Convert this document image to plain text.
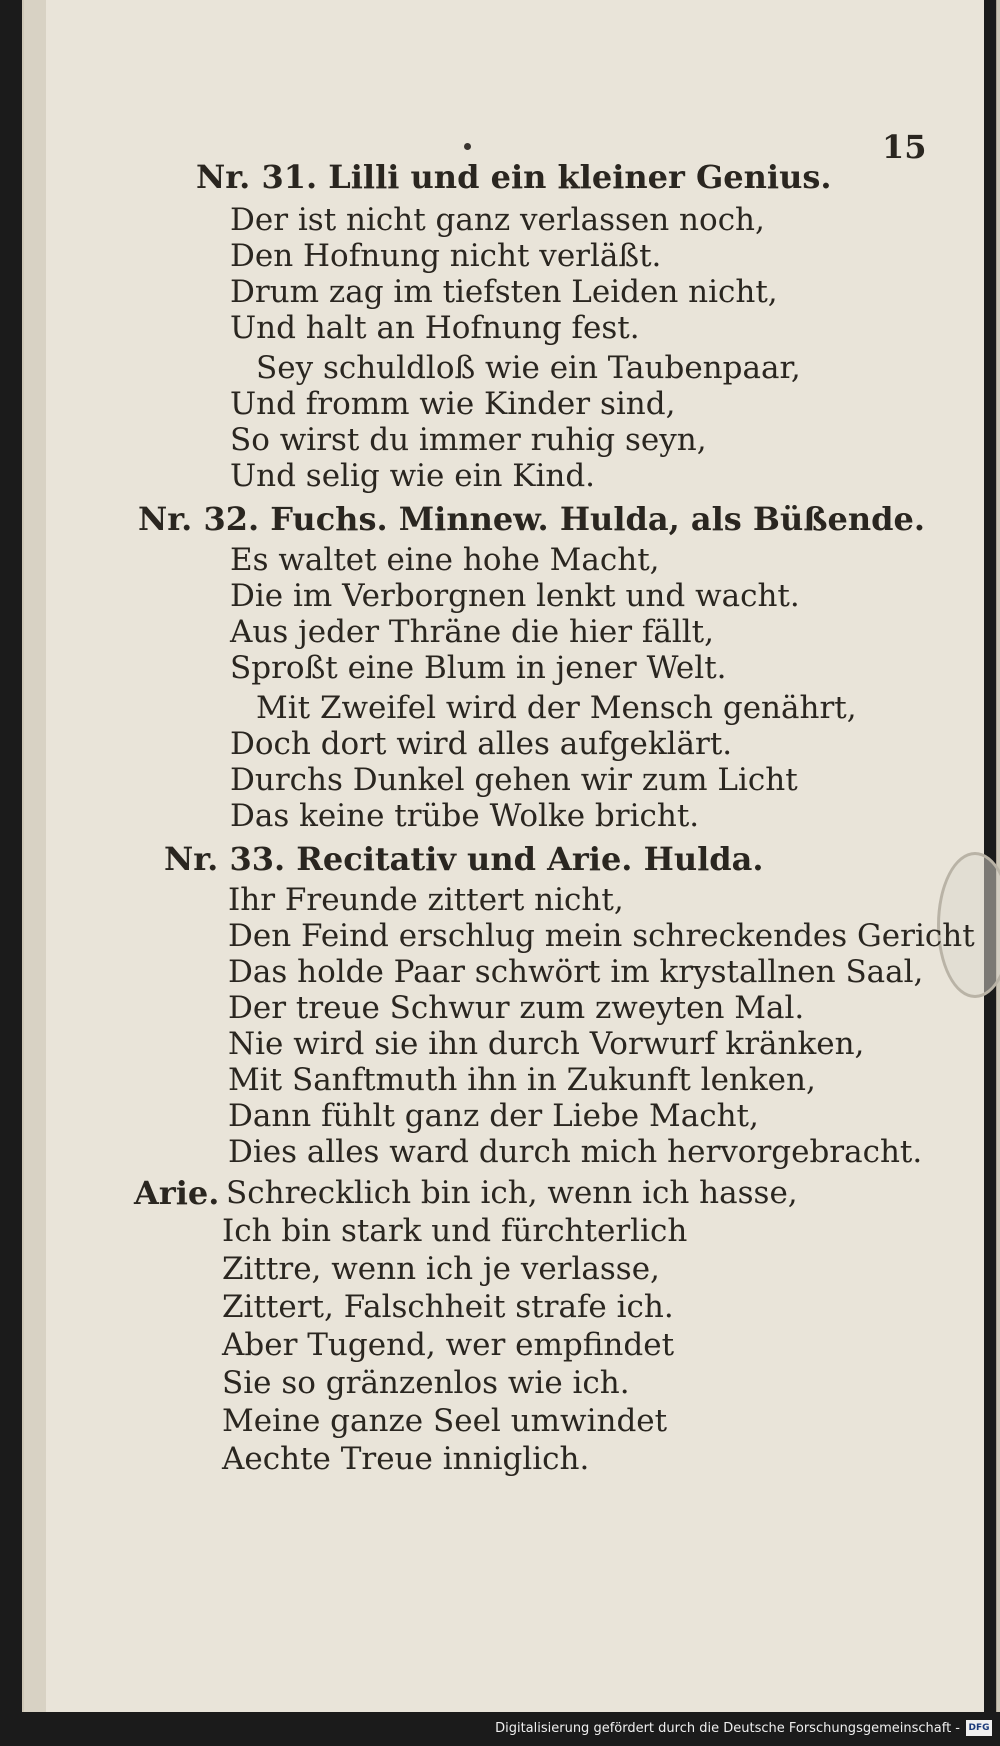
15
Nr. 31. Lilli und ein kleiner Genius.
Der ist nicht ganz verlassen noch,
Den Hofnung nicht verläßt.
Drum zag im tiefsten Leiden nicht,
Und halt an Hofnung fest.
Sey schuldloß wie ein Taubenpaar,
Und fromm wie Kinder sind,
So wirst du immer ruhig seyn,
Und selig wie ein Kind.
Nr. 32. Fuchs. Minnew. Hulda, als Büßende.
Es waltet eine hohe Macht,
Die im Verborgnen lenkt und wacht.
Aus jeder Thräne die hier fällt,
Sproßt eine Blum in jener Welt.
Mit Zweifel wird der Mensch genährt,
Doch dort wird alles aufgeklärt.
Durchs Dunkel gehen wir zum Licht
Das keine trübe Wolke bricht.
Nr. 33. Recitativ und Arie. Hulda.
Ihr Freunde zittert nicht,
Den Feind erschlug mein schreckendes Gericht
Das holde Paar schwört im krystallnen Saal,
Der treue Schwur zum zweyten Mal.
Nie wird sie ihn durch Vorwurf kränken,
Mit Sanftmuth ihn in Zukunft lenken,
Dann fühlt ganz der Liebe Macht,
Dies alles ward durch mich hervorgebracht.
Arie. Schrecklich bin ich, wenn ich hasse,
Ich bin stark und fürchterlich
Zittre, wenn ich je verlasse,
Zittert, Falschheit strafe ich.
Aber Tugend, wer empfindet
Sie so gränzenlos wie ich.
Meine ganze Seel umwindet
Aechte Treue inniglich.
Digitalisierung gefördert durch die Deutsche Forschungsgemeinschaft - DFG
